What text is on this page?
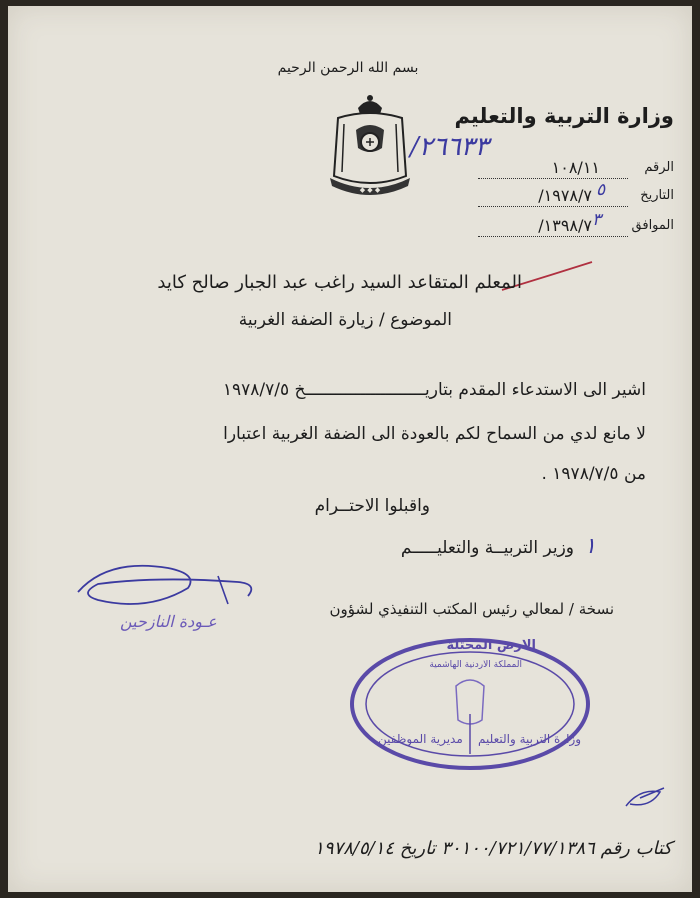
بسم الله الرحمن الرحيم
◆ ◆ ◆
وزارة التربية والتعليم
٢٦٦٣٣/
الرقم
١٠٨/١١
التاريخ
١٩٧٨/٧/ ٥
الموافق
١٣٩٨/٧/ ٣
المعلم المتقاعد السيد راغب عبد الجبار صالح كايد
الموضوع / زيارة الضفة الغربية
اشير الى الاستدعاء المقدم بتاريــــــــــــــــــــــــخ ١٩٧٨/٧/٥
لا مانع لدي من السماح لكم بالعودة الى الضفة الغربية اعتبارا
من ١٩٧٨/٧/٥ .
واقبلوا الاحتــرام
١
وزير التربيــة والتعليـــــم
نسخة / لمعالي رئيس المكتب التنفيذي لشؤون
عـودة النازحين
الارض المحتلة
المملكة الاردنية الهاشمية
وزارة التربية والتعليم
مديرية الموظفين
كتاب رقم ٣٠١٠٠/٧٢١/٧٧/١٣٨٦ تاريخ ١٩٧٨/٥/١٤
